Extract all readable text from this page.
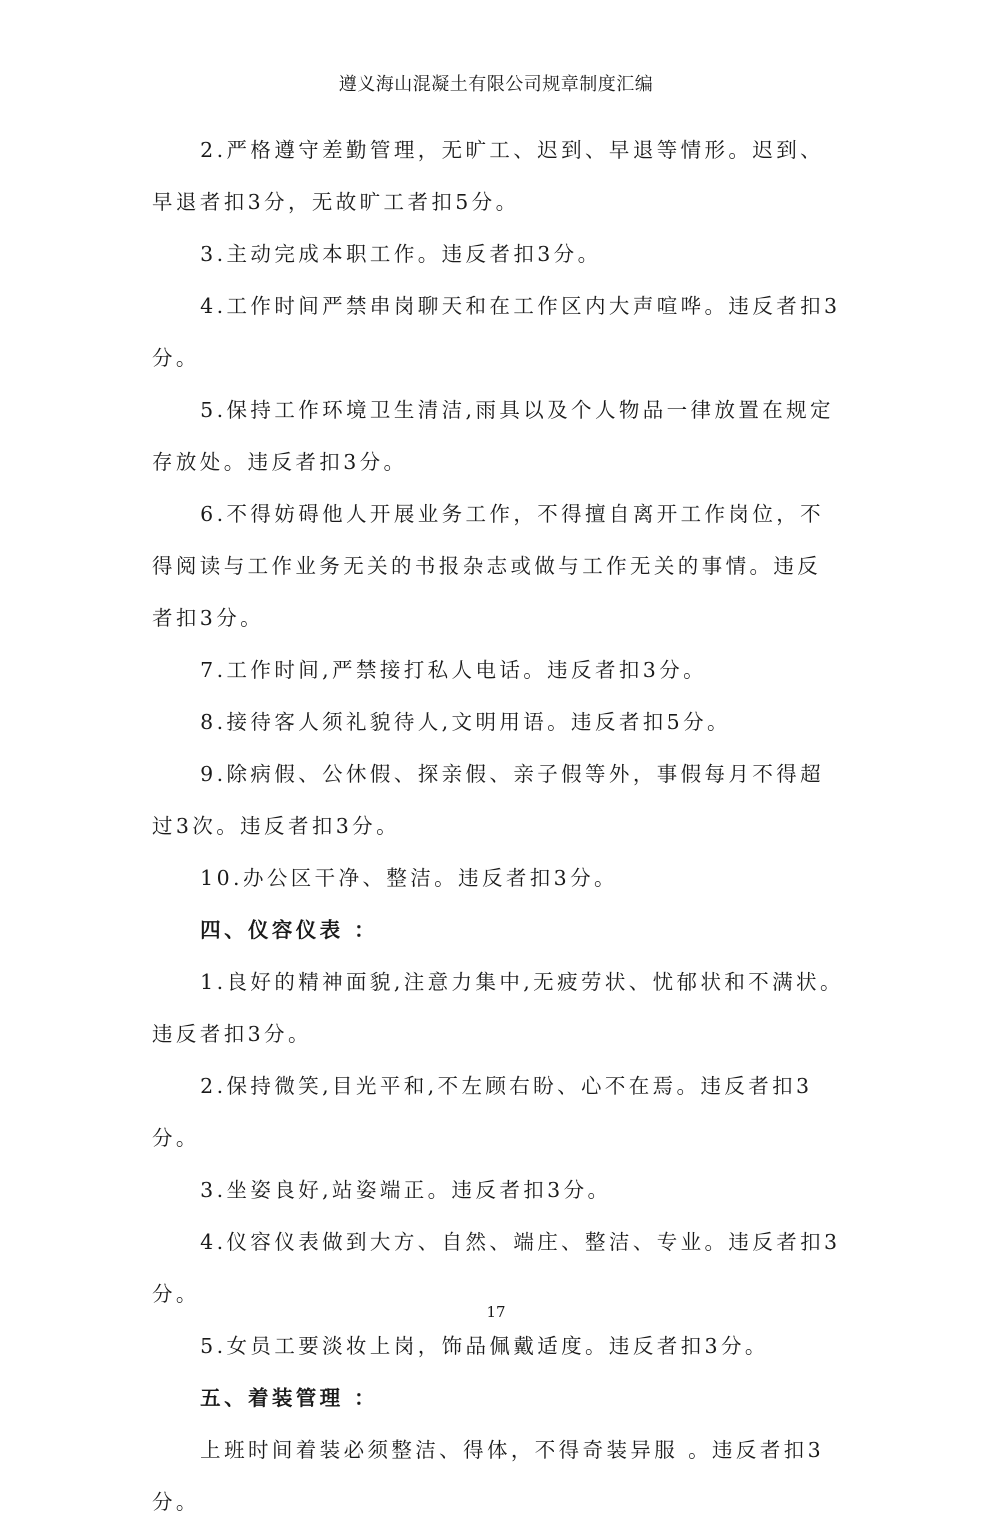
遵义海山混凝土有限公司规章制度汇编

2.严格遵守差勤管理，无旷工、迟到、早退等情形。迟到、早退者扣3分，无故旷工者扣5分。

3.主动完成本职工作。违反者扣3分。

4.工作时间严禁串岗聊天和在工作区内大声喧哗。违反者扣3分。

5.保持工作环境卫生清洁,雨具以及个人物品一律放置在规定存放处。违反者扣3分。

6.不得妨碍他人开展业务工作，不得擅自离开工作岗位，不得阅读与工作业务无关的书报杂志或做与工作无关的事情。违反者扣3分。

7.工作时间,严禁接打私人电话。违反者扣3分。

8.接待客人须礼貌待人,文明用语。违反者扣5分。

9.除病假、公休假、探亲假、亲子假等外，事假每月不得超过3次。违反者扣3分。

10.办公区干净、整洁。违反者扣3分。

四、仪容仪表 ：

1.良好的精神面貌,注意力集中,无疲劳状、忧郁状和不满状。违反者扣3分。

2.保持微笑,目光平和,不左顾右盼、心不在焉。违反者扣3分。

3.坐姿良好,站姿端正。违反者扣3分。

4.仪容仪表做到大方、自然、端庄、整洁、专业。违反者扣3分。

5.女员工要淡妆上岗，饰品佩戴适度。违反者扣3分。

五、着装管理 ：

上班时间着装必须整洁、得体，不得奇装异服 。违反者扣3分。

17
